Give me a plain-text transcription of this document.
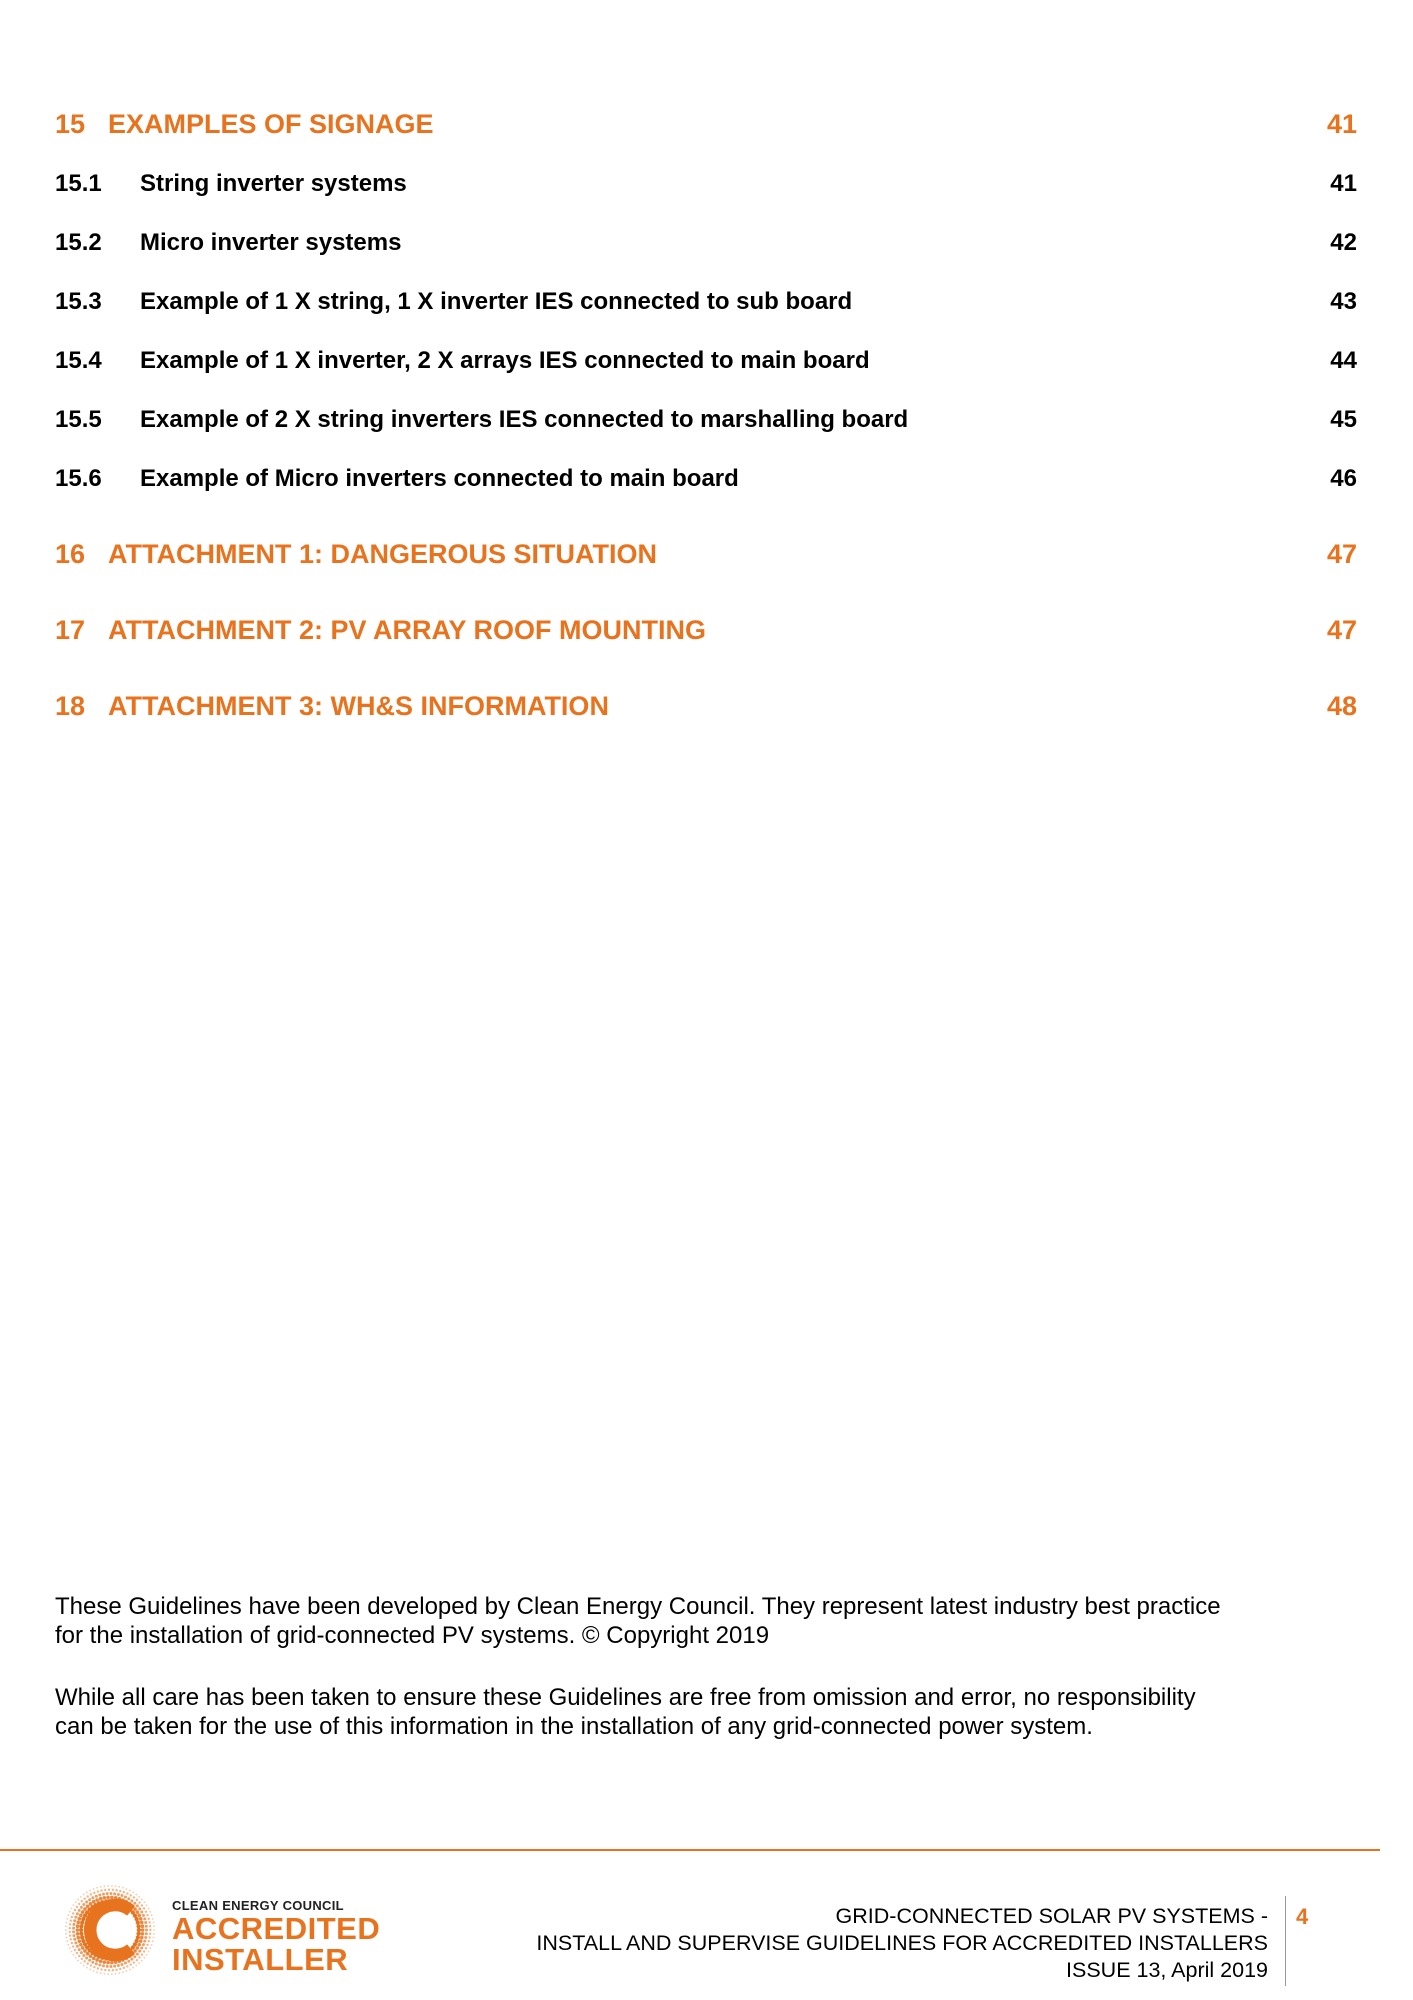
15 EXAMPLES OF SIGNAGE	41
15.1	String inverter systems	41
15.2	Micro inverter systems	42
15.3	Example of 1 X string, 1 X inverter IES connected to sub board	43
15.4	Example of 1 X inverter, 2 X arrays IES connected to main board	44
15.5	Example of 2 X string inverters IES connected to marshalling board	45
15.6	Example of Micro inverters connected to main board	46
16 ATTACHMENT 1: DANGEROUS SITUATION	47
17 ATTACHMENT 2: PV ARRAY ROOF MOUNTING	47
18 ATTACHMENT 3: WH&S INFORMATION	48
These Guidelines have been developed by Clean Energy Council. They represent latest industry best practice
for the installation of grid-connected PV systems. © Copyright 2019
While all care has been taken to ensure these Guidelines are free from omission and error, no responsibility
can be taken for the use of this information in the installation of any grid-connected power system.
CLEAN ENERGY COUNCIL
ACCREDITED
INSTALLER
GRID-CONNECTED SOLAR PV SYSTEMS -
INSTALL AND SUPERVISE GUIDELINES FOR ACCREDITED INSTALLERS
ISSUE 13, April 2019
4
